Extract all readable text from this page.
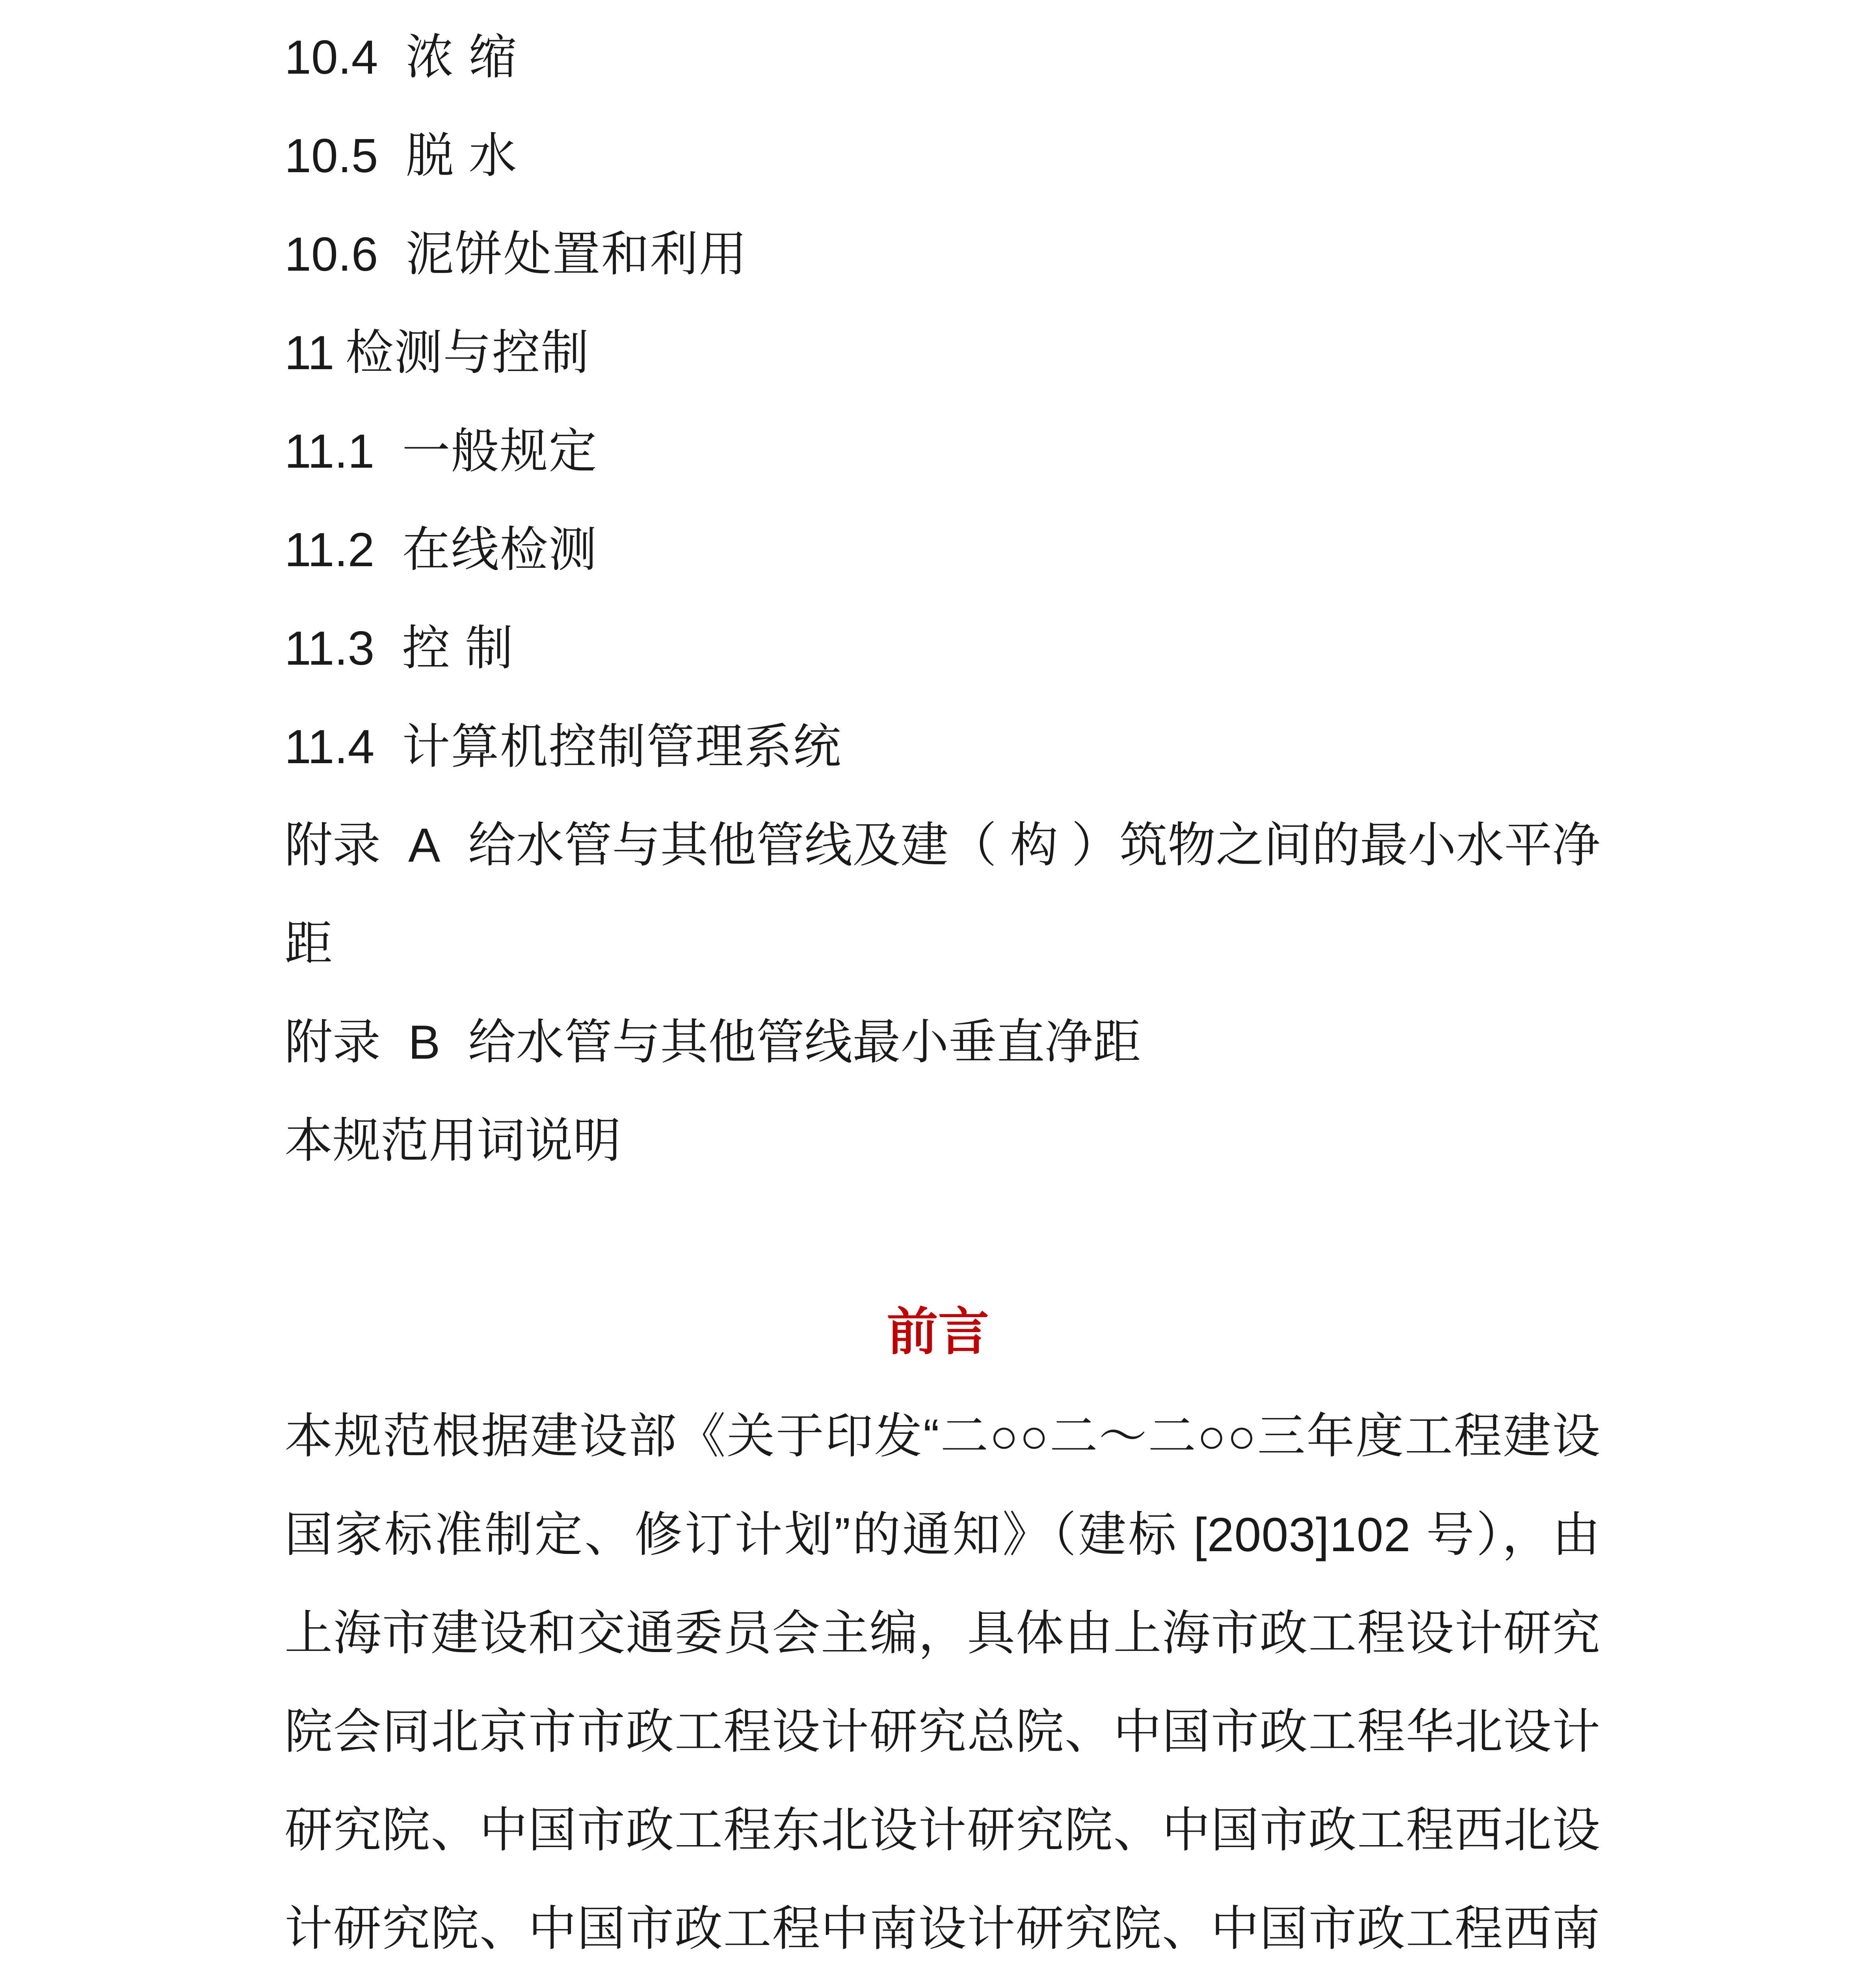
10.4 浓 缩
10.5 脱 水
10.6 泥饼处置和利用
11 检测与控制
11.1 一般规定
11.2 在线检测
11.3 控 制
11.4 计算机控制管理系统
附录 A 给水管与其他管线及建（ 构 ）筑物之间的最小水平净距
附录 B 给水管与其他管线最小垂直净距
本规范用词说明
前言

本规范根据建设部《关于印发“二○○二～二○○三年度工程建设国家标准制定、修订计划”的通知》（建标 [2003]102 号），由上海市建设和交通委员会主编，具体由上海市政工程设计研究院会同北京市市政工程设计研究总院、中国市政工程华北设计研究院、中国市政工程东北设计研究院、中国市政工程西北设计研究院、中国市政工程中南设计研究院、中国市政工程西南
